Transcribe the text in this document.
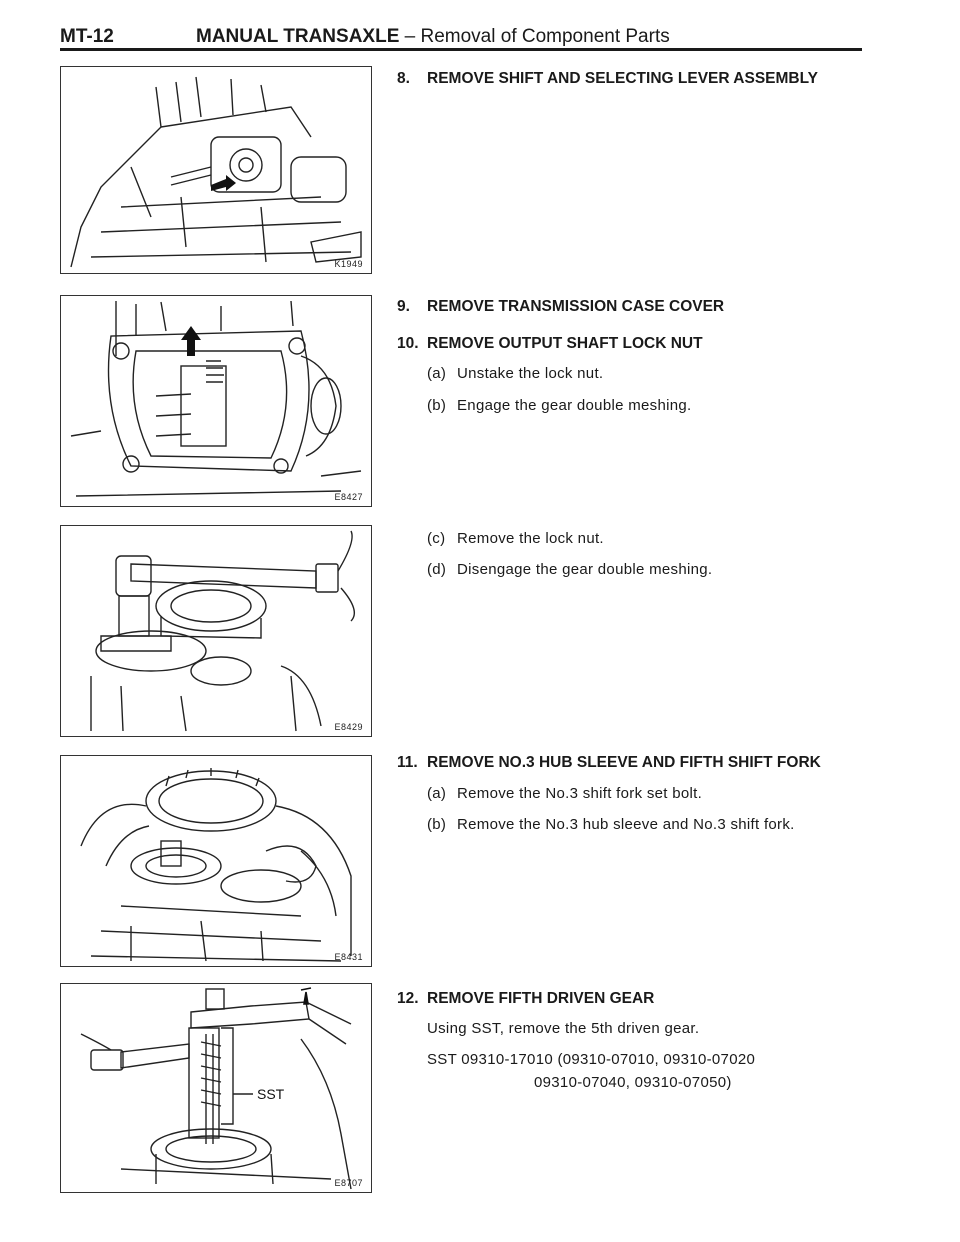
MT-12	MANUAL TRANSAXLE – Removal of Component Parts
K1949
E8427
E8429
E8431
SST
E8707
8. REMOVE SHIFT AND SELECTING LEVER ASSEMBLY
9. REMOVE TRANSMISSION CASE COVER
10. REMOVE OUTPUT SHAFT LOCK NUT
(a) Unstake the lock nut.
(b) Engage the gear double meshing.
(c) Remove the lock nut.
(d) Disengage the gear double meshing.
11. REMOVE NO.3 HUB SLEEVE AND FIFTH SHIFT FORK
(a) Remove the No.3 shift fork set bolt.
(b) Remove the No.3 hub sleeve and No.3 shift fork.
12. REMOVE FIFTH DRIVEN GEAR
Using SST, remove the 5th driven gear.
SST 09310-17010 (09310-07010, 09310-07020
09310-07040, 09310-07050)
